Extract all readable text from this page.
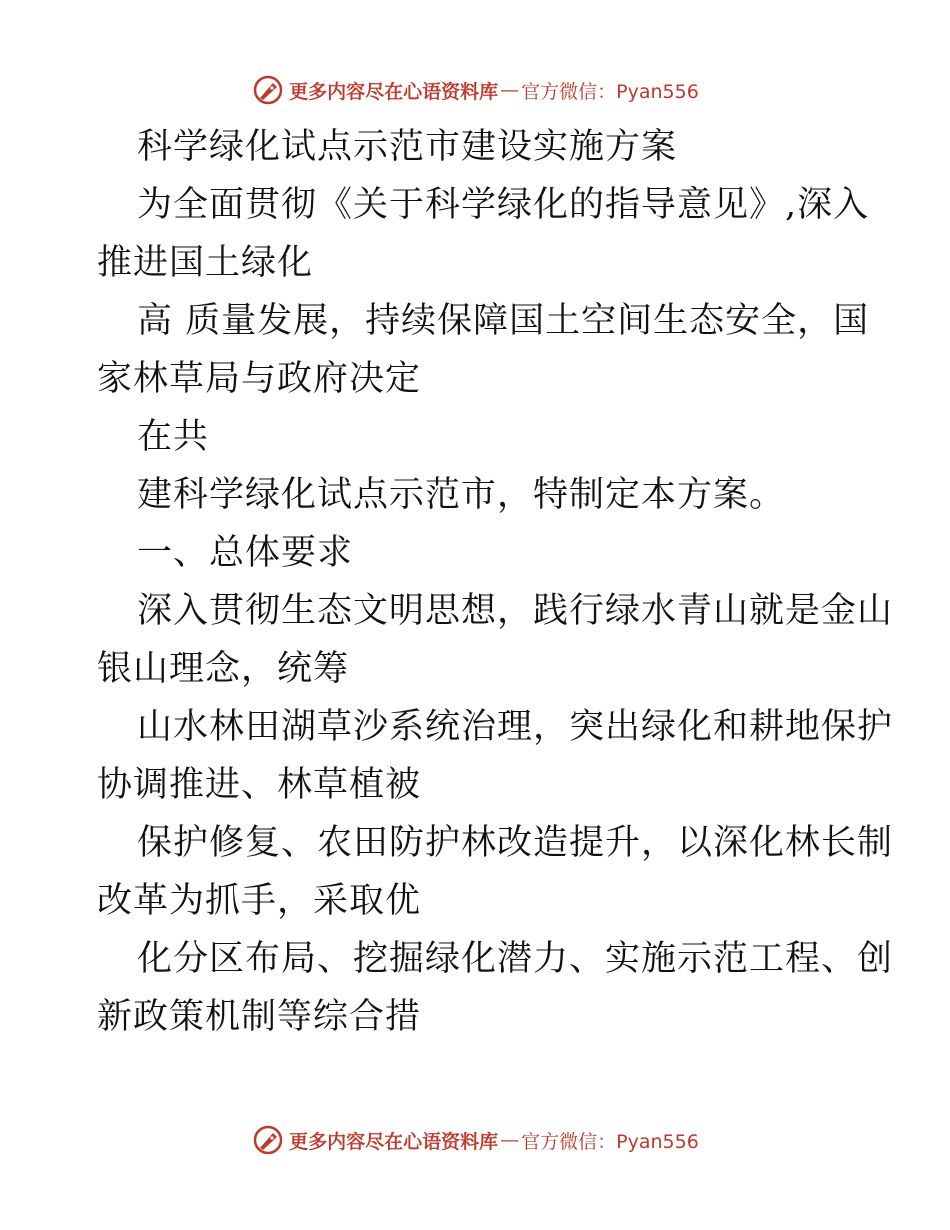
更多内容尽在心语资料库 — 官方微信：Pyan556
科学绿化试点示范市建设实施方案
为全面贯彻《关于科学绿化的指导意见》,深入
推进国土绿化
高 质量发展，持续保障国土空间生态安全，国
家林草局与政府决定
在共
建科学绿化试点示范市，特制定本方案。
一、总体要求
深入贯彻生态文明思想，践行绿水青山就是金山
银山理念，统筹
山水林田湖草沙系统治理，突出绿化和耕地保护
协调推进、林草植被
保护修复、农田防护林改造提升，以深化林长制
改革为抓手，采取优
化分区布局、挖掘绿化潜力、实施示范工程、创
新政策机制等综合措
更多内容尽在心语资料库 — 官方微信：Pyan556
